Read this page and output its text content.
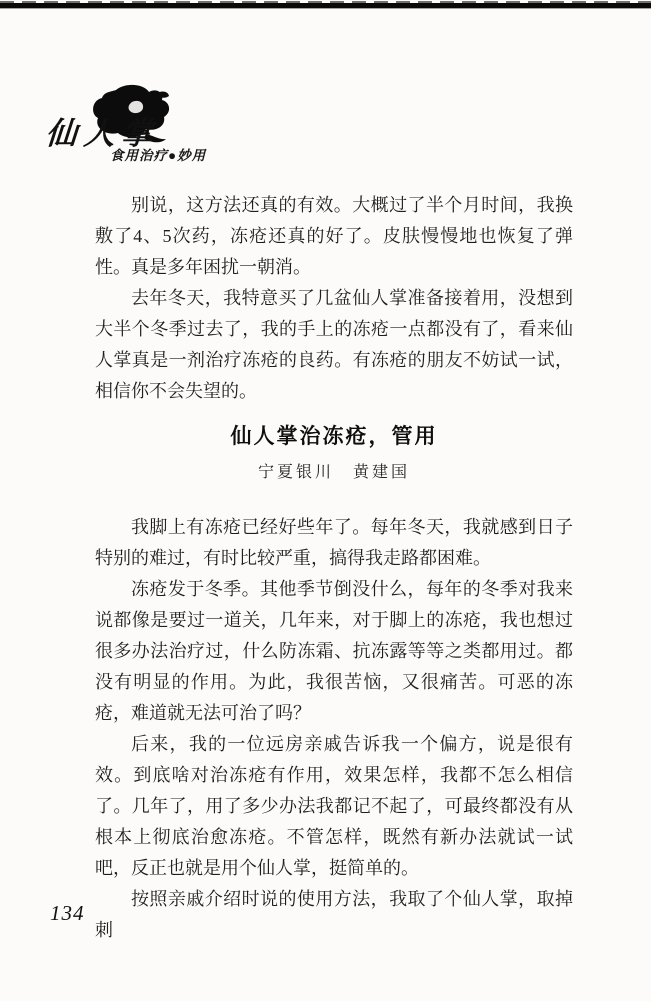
仙人掌
食用治疗●妙用

别说，这方法还真的有效。大概过了半个月时间，我换敷了4、5次药，冻疮还真的好了。皮肤慢慢地也恢复了弹性。真是多年困扰一朝消。

去年冬天，我特意买了几盆仙人掌准备接着用，没想到大半个冬季过去了，我的手上的冻疮一点都没有了，看来仙人掌真是一剂治疗冻疮的良药。有冻疮的朋友不妨试一试，相信你不会失望的。

仙人掌治冻疮，管用
宁夏银川　黄建国

我脚上有冻疮已经好些年了。每年冬天，我就感到日子特别的难过，有时比较严重，搞得我走路都困难。

冻疮发于冬季。其他季节倒没什么，每年的冬季对我来说都像是要过一道关，几年来，对于脚上的冻疮，我也想过很多办法治疗过，什么防冻霜、抗冻露等等之类都用过。都没有明显的作用。为此，我很苦恼，又很痛苦。可恶的冻疮，难道就无法可治了吗？

后来，我的一位远房亲戚告诉我一个偏方，说是很有效。到底啥对治冻疮有作用，效果怎样，我都不怎么相信了。几年了，用了多少办法我都记不起了，可最终都没有从根本上彻底治愈冻疮。不管怎样，既然有新办法就试一试吧，反正也就是用个仙人掌，挺简单的。

按照亲戚介绍时说的使用方法，我取了个仙人掌，取掉刺

134
